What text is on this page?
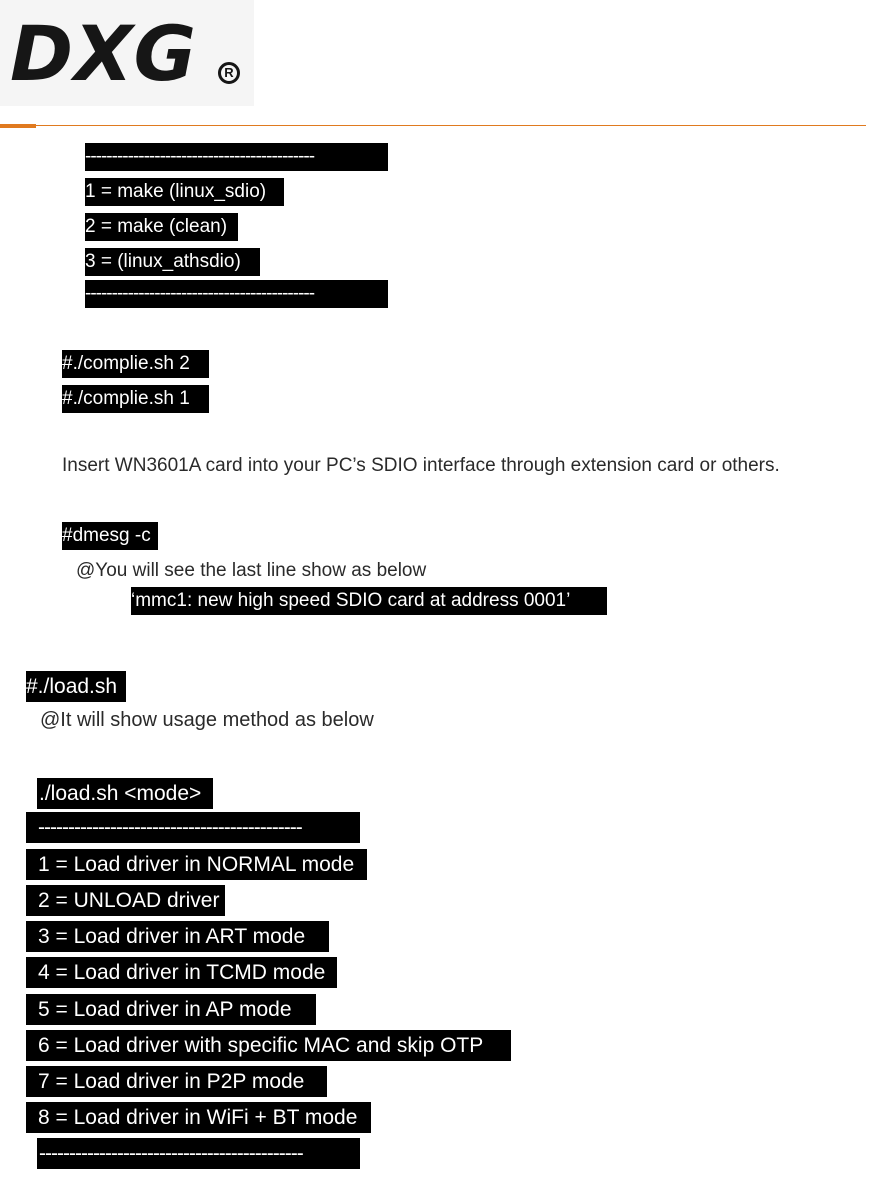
DXG	R
-------------------------------------------
1 = make (linux_sdio)
2 = make (clean)
3 = (linux_athsdio)
-------------------------------------------
#./complie.sh 2
#./complie.sh 1
Insert WN3601A card into your PC’s SDIO interface through extension card or others.
#dmesg -c
@You will see the last line show as below
‘mmc1: new high speed SDIO card at address 0001’
#./load.sh
@It will show usage method as below
./load.sh <mode>
--------------------------------------------
1 = Load driver in NORMAL mode
2 = UNLOAD driver
3 = Load driver in ART mode
4 = Load driver in TCMD mode
5 = Load driver in AP mode
6 = Load driver with specific MAC and skip OTP
7 = Load driver in P2P mode
8 = Load driver in WiFi + BT mode
--------------------------------------------
